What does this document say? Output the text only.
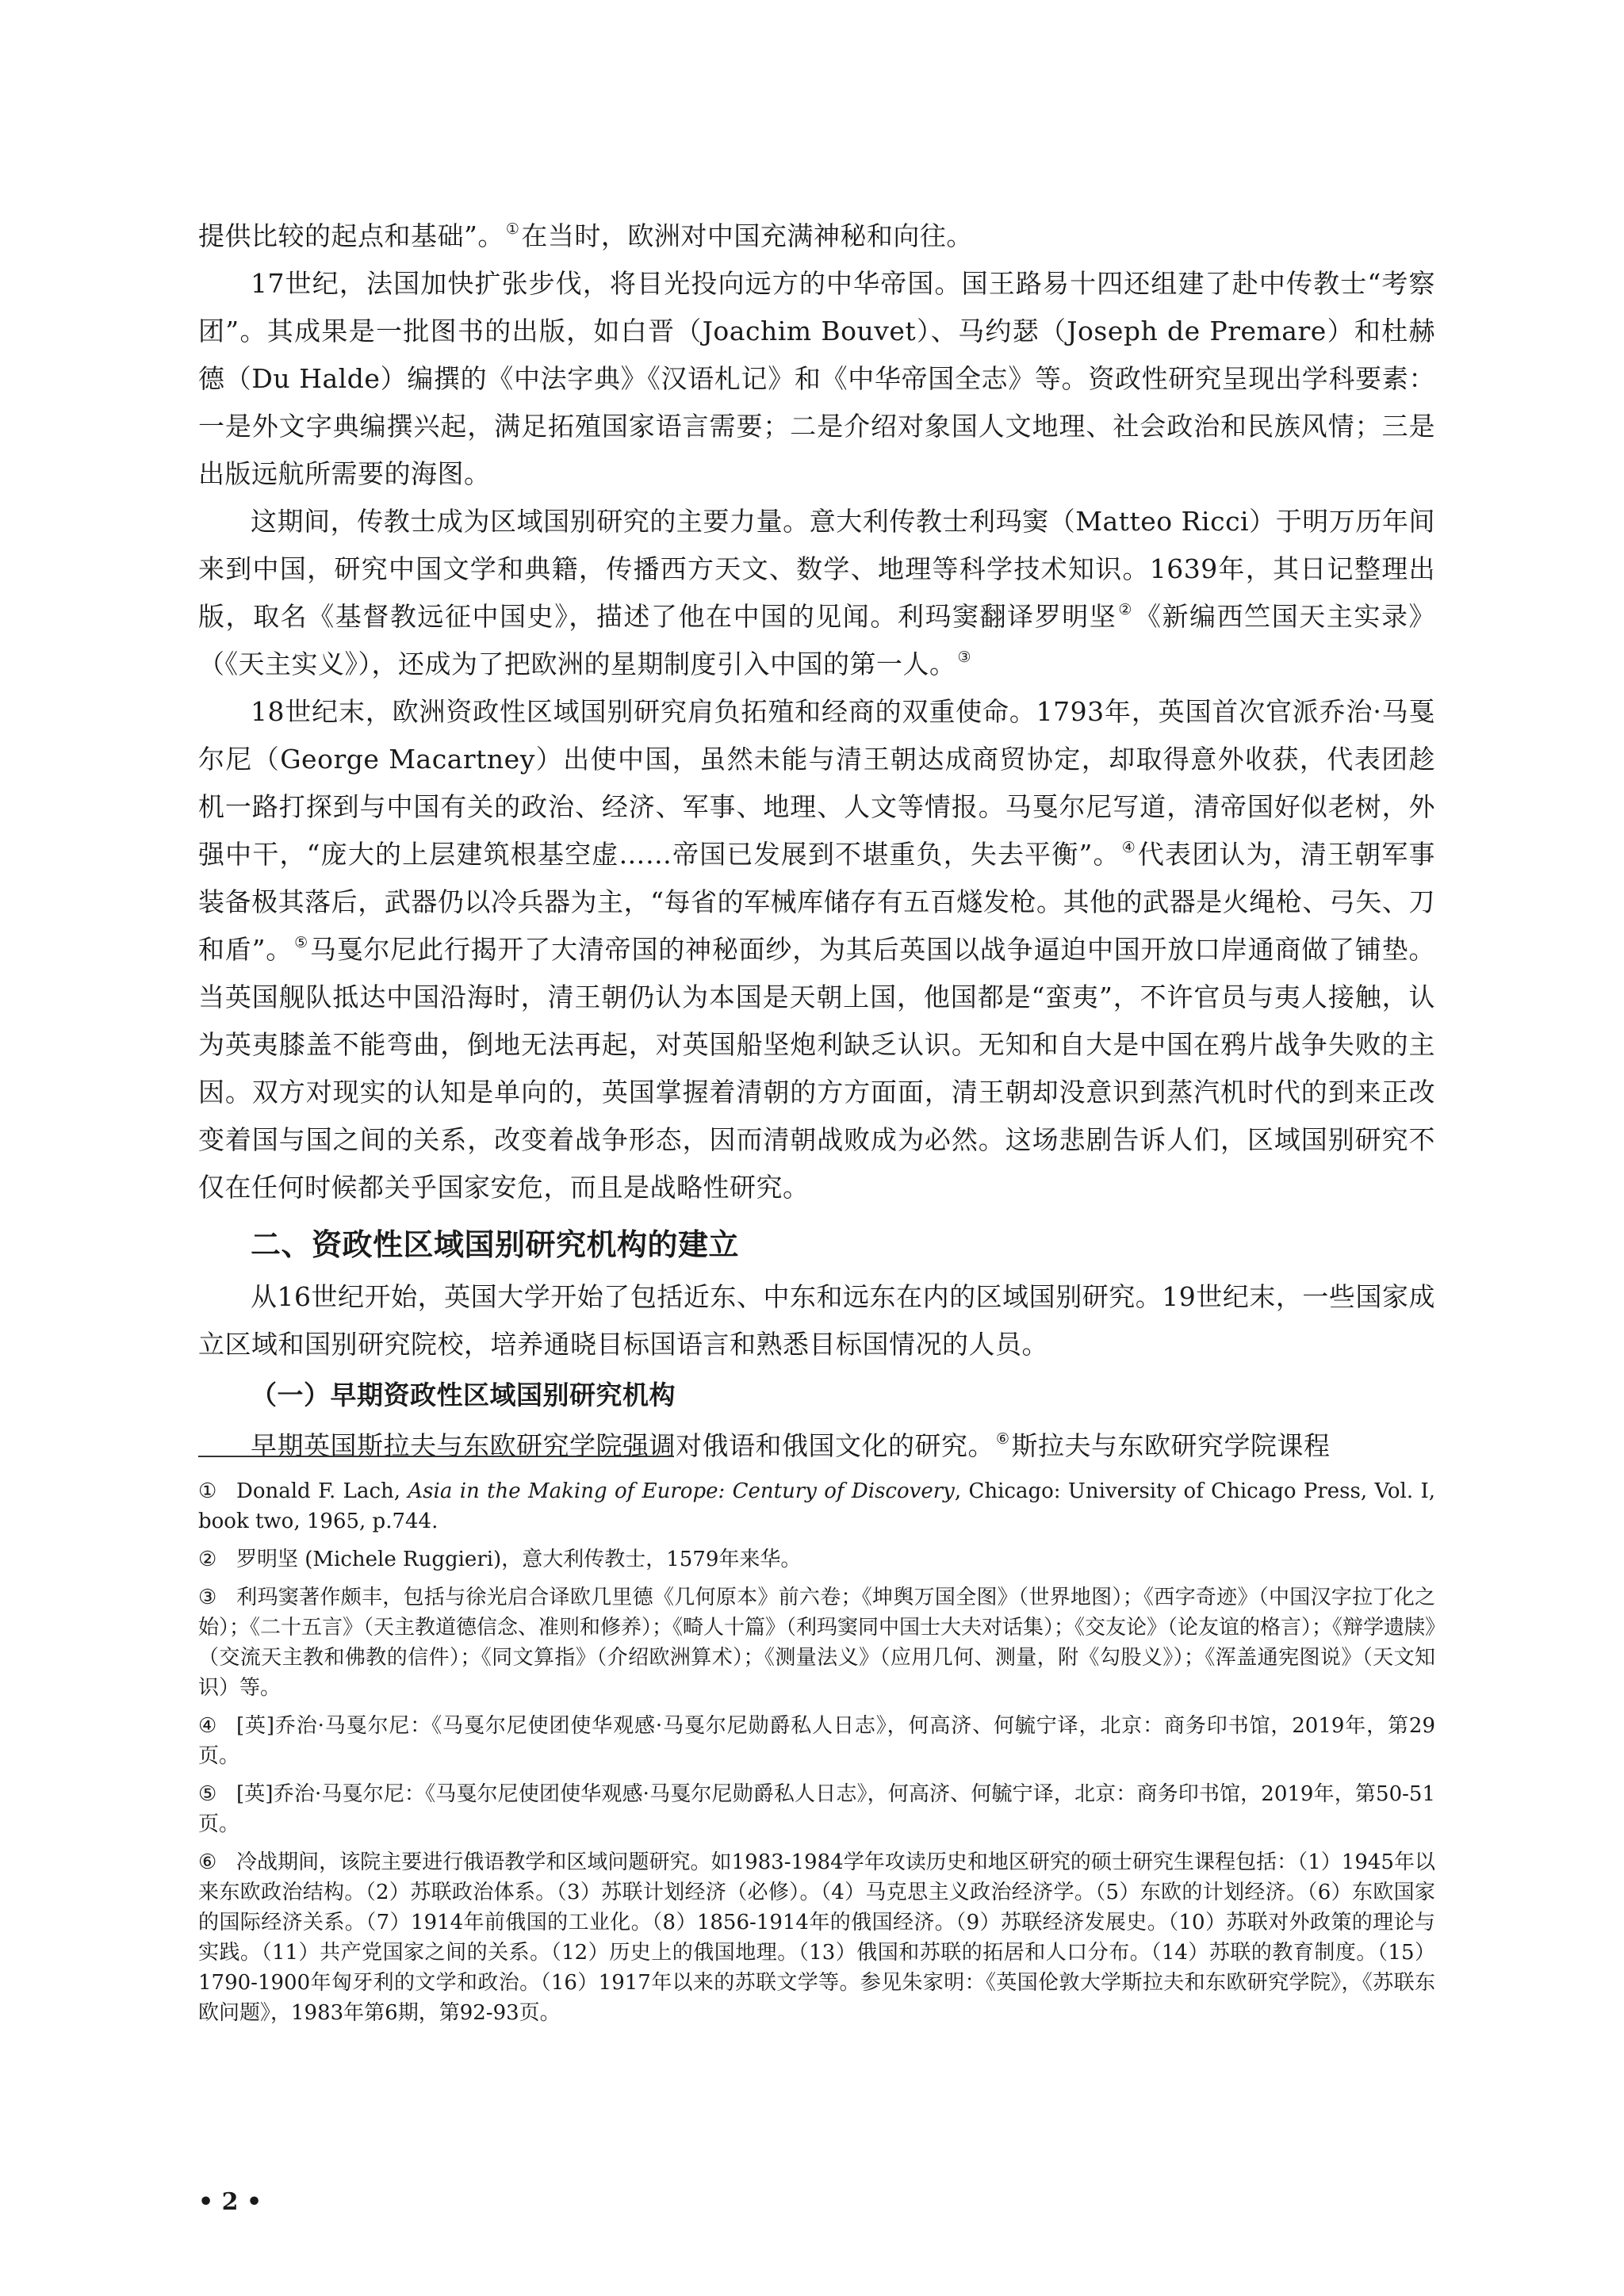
提供比较的起点和基础”。 ①在当时，欧洲对中国充满神秘和向往。

17世纪，法国加快扩张步伐，将目光投向远方的中华帝国。国王路易十四还组建了赴中传教士“考察团”。其成果是一批图书的出版，如白晋（Joachim Bouvet）、马约瑟（Joseph de Premare）和杜赫德（Du Halde）编撰的《中法字典》《汉语札记》和《中华帝国全志》等。资政性研究呈现出学科要素：一是外文字典编撰兴起，满足拓殖国家语言需要；二是介绍对象国人文地理、社会政治和民族风情；三是出版远航所需要的海图。

这期间，传教士成为区域国别研究的主要力量。意大利传教士利玛窦（Matteo Ricci）于明万历年间来到中国，研究中国文学和典籍，传播西方天文、数学、地理等科学技术知识。1639年，其日记整理出版，取名《基督教远征中国史》，描述了他在中国的见闻。利玛窦翻译罗明坚 ②《新编西竺国天主实录》（《天主实义》），还成为了把欧洲的星期制度引入中国的第一人。 ③

18世纪末，欧洲资政性区域国别研究肩负拓殖和经商的双重使命。1793年，英国首次官派乔治·马戛尔尼（George Macartney）出使中国，虽然未能与清王朝达成商贸协定，却取得意外收获，代表团趁机一路打探到与中国有关的政治、经济、军事、地理、人文等情报。马戛尔尼写道，清帝国好似老树，外强中干，“庞大的上层建筑根基空虚……帝国已发展到不堪重负，失去平衡”。 ④代表团认为，清王朝军事装备极其落后，武器仍以冷兵器为主，“每省的军械库储存有五百燧发枪。其他的武器是火绳枪、弓矢、刀和盾”。 ⑤马戛尔尼此行揭开了大清帝国的神秘面纱，为其后英国以战争逼迫中国开放口岸通商做了铺垫。当英国舰队抵达中国沿海时，清王朝仍认为本国是天朝上国，他国都是“蛮夷”，不许官员与夷人接触，认为英夷膝盖不能弯曲，倒地无法再起，对英国船坚炮利缺乏认识。无知和自大是中国在鸦片战争失败的主因。双方对现实的认知是单向的，英国掌握着清朝的方方面面，清王朝却没意识到蒸汽机时代的到来正改变着国与国之间的关系，改变着战争形态，因而清朝战败成为必然。这场悲剧告诉人们，区域国别研究不仅在任何时候都关乎国家安危，而且是战略性研究。

二、资政性区域国别研究机构的建立

从16世纪开始，英国大学开始了包括近东、中东和远东在内的区域国别研究。19世纪末，一些国家成立区域和国别研究院校，培养通晓目标国语言和熟悉目标国情况的人员。

（一）早期资政性区域国别研究机构

早期英国斯拉夫与东欧研究学院强调对俄语和俄国文化的研究。 ⑥斯拉夫与东欧研究学院课程

① Donald F. Lach, Asia in the Making of Europe: Century of Discovery, Chicago: University of Chicago Press, Vol. I, book two, 1965, p.744.

② 罗明坚 (Michele Ruggieri)，意大利传教士，1579年来华。

③ 利玛窦著作颇丰，包括与徐光启合译欧几里德《几何原本》前六卷；《坤舆万国全图》（世界地图）；《西字奇迹》（中国汉字拉丁化之始）；《二十五言》（天主教道德信念、准则和修养）；《畸人十篇》（利玛窦同中国士大夫对话集）；《交友论》（论友谊的格言）；《辩学遗牍》（交流天主教和佛教的信件）；《同文算指》（介绍欧洲算术）；《测量法义》（应用几何、测量，附《勾股义》）；《浑盖通宪图说》（天文知识）等。

④ [英]乔治·马戛尔尼：《马戛尔尼使团使华观感·马戛尔尼勋爵私人日志》，何高济、何毓宁译，北京：商务印书馆，2019年，第29页。

⑤ [英]乔治·马戛尔尼：《马戛尔尼使团使华观感·马戛尔尼勋爵私人日志》，何高济、何毓宁译，北京：商务印书馆，2019年，第50-51页。

⑥ 冷战期间，该院主要进行俄语教学和区域问题研究。如1983-1984学年攻读历史和地区研究的硕士研究生课程包括：（1）1945年以来东欧政治结构。（2）苏联政治体系。（3）苏联计划经济（必修）。（4）马克思主义政治经济学。（5）东欧的计划经济。（6）东欧国家的国际经济关系。（7）1914年前俄国的工业化。（8）1856-1914年的俄国经济。（9）苏联经济发展史。（10）苏联对外政策的理论与实践。（11）共产党国家之间的关系。（12）历史上的俄国地理。（13）俄国和苏联的拓居和人口分布。（14）苏联的教育制度。（15）1790-1900年匈牙利的文学和政治。（16）1917年以来的苏联文学等。参见朱家明：《英国伦敦大学斯拉夫和东欧研究学院》，《苏联东欧问题》，1983年第6期，第92-93页。

• 2 •
